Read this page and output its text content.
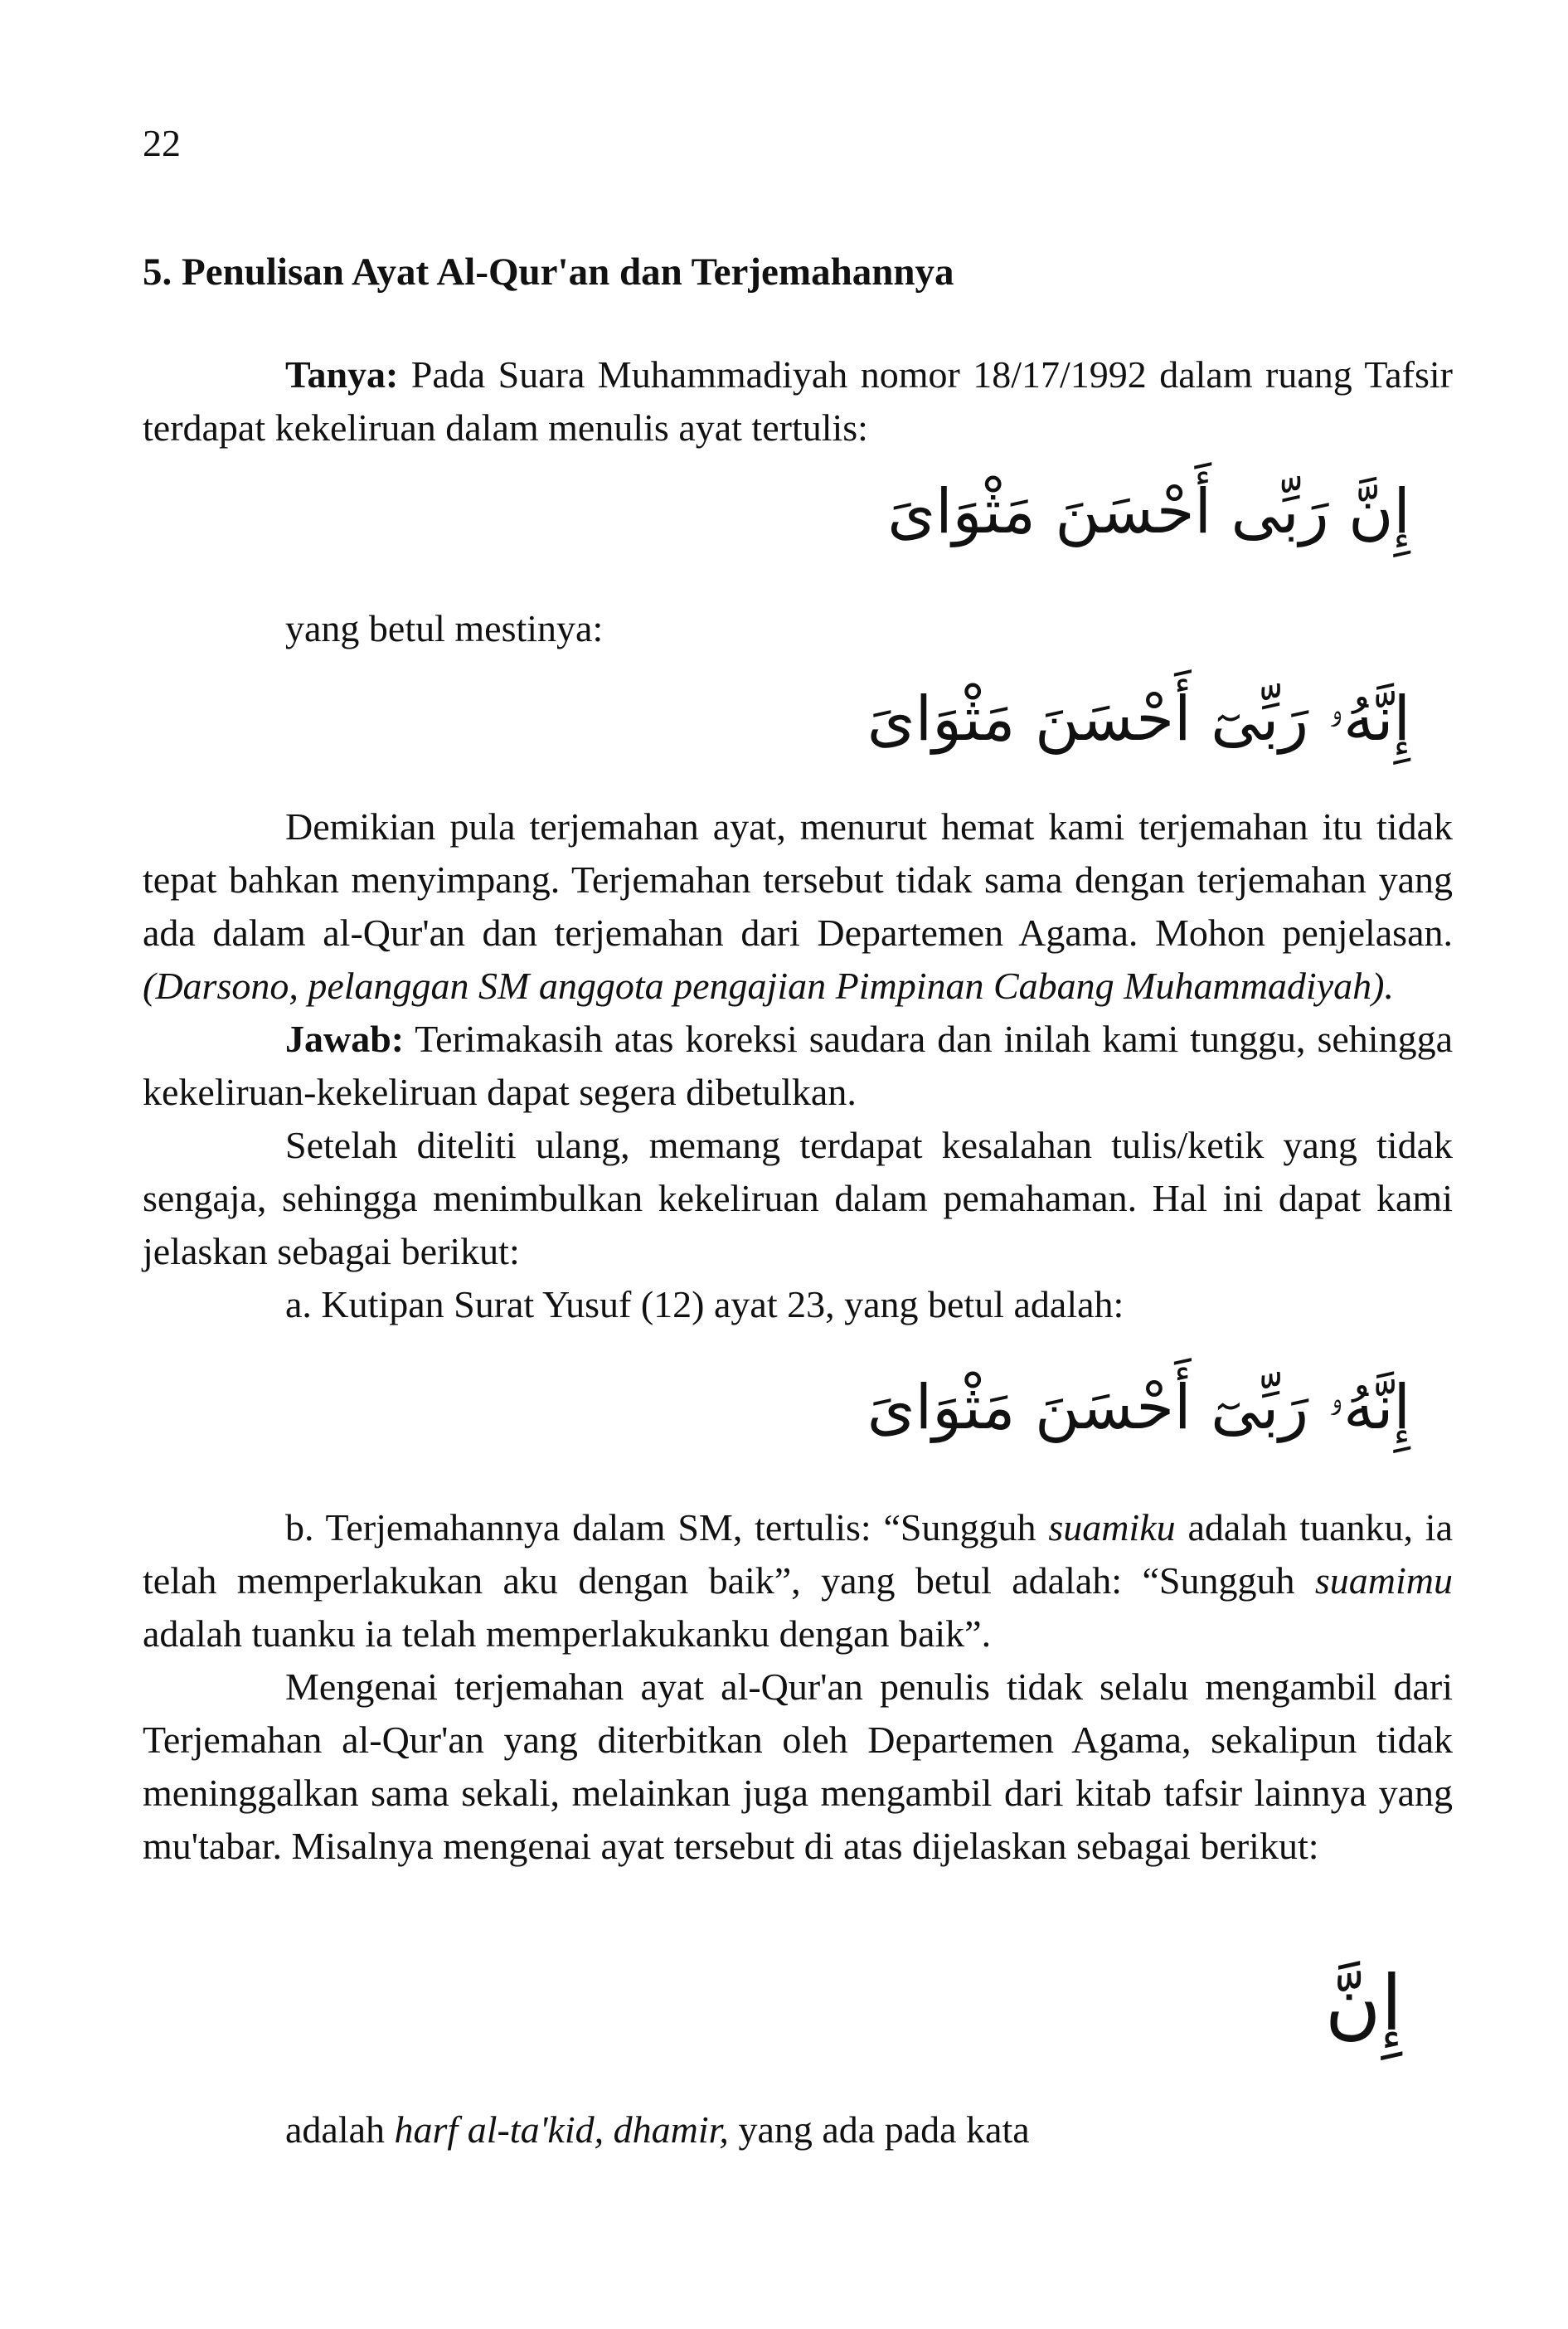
22
5. Penulisan Ayat Al-Qur'an dan Terjemahannya

Tanya: Pada Suara Muhammadiyah nomor 18/17/1992 dalam ruang Tafsir terdapat kekeliruan dalam menulis ayat tertulis:

إِنَّ رَبِّى أَحْسَنَ مَثْوَاىَ
yang betul mestinya:
إِنَّهُۥ رَبِّىٓ أَحْسَنَ مَثْوَاىَ

Demikian pula terjemahan ayat, menurut hemat kami terjemahan itu tidak tepat bahkan menyimpang. Terjemahan tersebut tidak sama dengan terjemahan yang ada dalam al-Qur'an dan terjemahan dari Departemen Agama. Mohon penjelasan. (Darsono, pelanggan SM anggota pengajian Pimpinan Cabang Muhammadiyah).

Jawab: Terimakasih atas koreksi saudara dan inilah kami tunggu, sehingga kekeliruan-kekeliruan dapat segera dibetulkan.

Setelah diteliti ulang, memang terdapat kesalahan tulis/ketik yang tidak sengaja, sehingga menimbulkan kekeliruan dalam pemahaman. Hal ini dapat kami jelaskan sebagai berikut:

a. Kutipan Surat Yusuf (12) ayat 23, yang betul adalah:

إِنَّهُۥ رَبِّىٓ أَحْسَنَ مَثْوَاىَ

b. Terjemahannya dalam SM, tertulis: “Sungguh suamiku adalah tuanku, ia telah memperlakukan aku dengan baik”, yang betul adalah: “Sungguh suamimu adalah tuanku ia telah memperlakukanku dengan baik”.

Mengenai terjemahan ayat al-Qur'an penulis tidak selalu mengambil dari Terjemahan al-Qur'an yang diterbitkan oleh Departemen Agama, sekalipun tidak meninggalkan sama sekali, melainkan juga mengambil dari kitab tafsir lainnya yang mu'tabar. Misalnya mengenai ayat tersebut di atas dijelaskan sebagai berikut:

إِنَّ
adalah harf al-ta'kid, dhamir, yang ada pada kata
